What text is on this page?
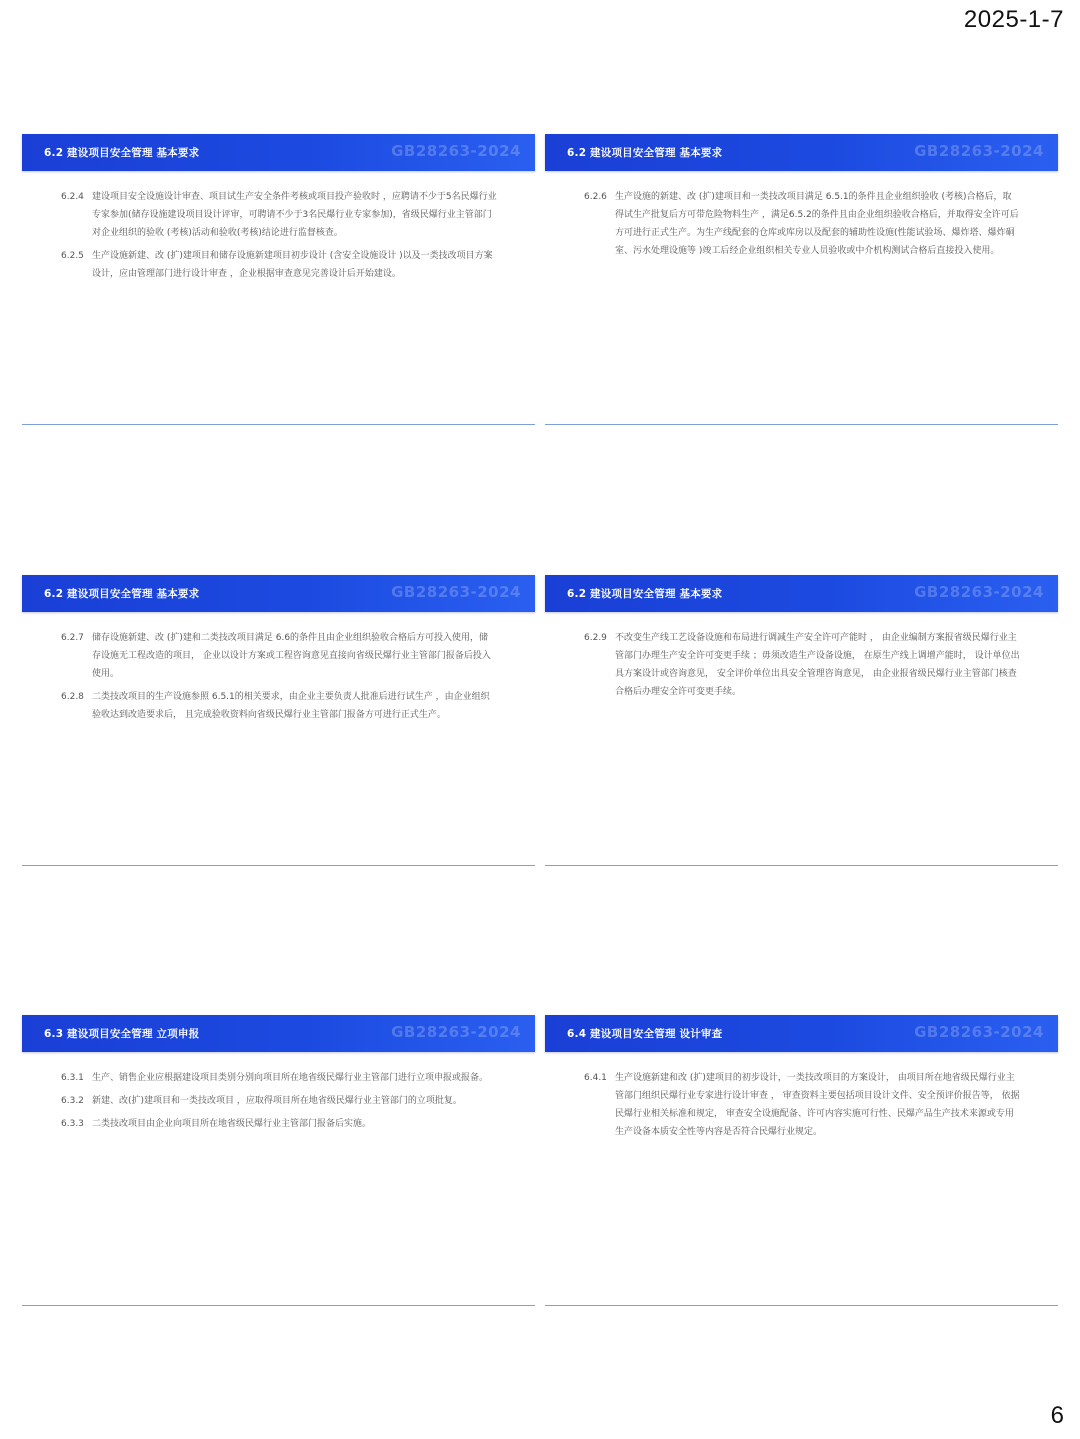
2025-1-7
6.2 建设项目安全管理 基本要求	GB28263-2024
6.2.4 建设项目安全设施设计审查、项目试生产安全条件考核或项目投产验收时 ，应聘请不少于5名民爆行业专家参加(储存设施建设项目设计评审，可聘请不少于3名民爆行业专家参加)，省级民爆行业主管部门对企业组织的验收 (考核)活动和验收(考核)结论进行监督核查。
6.2.5 生产设施新建、改 (扩)建项目和储存设施新建项目初步设计 (含安全设施设计 )以及一类技改项目方案设计，应由管理部门进行设计审查 ，企业根据审查意见完善设计后开始建设。
6.2 建设项目安全管理 基本要求	GB28263-2024
6.2.6 生产设施的新建、改 (扩)建项目和一类技改项目满足 6.5.1的条件且企业组织验收 (考核)合格后，取得试生产批复后方可带危险物料生产 ，满足6.5.2的条件且由企业组织验收合格后，并取得安全许可后方可进行正式生产。为生产线配套的仓库或库房以及配套的辅助性设施(性能试验场、爆炸塔、爆炸硐室、污水处理设施等 )竣工后经企业组织相关专业人员验收或中介机构测试合格后直接投入使用。
6.2 建设项目安全管理 基本要求	GB28263-2024
6.2.7 储存设施新建、改 (扩)建和二类技改项目满足 6.6的条件且由企业组织验收合格后方可投入使用，储存设施无工程改造的项目， 企业以设计方案或工程咨询意见直接向省级民爆行业主管部门报备后投入使用。
6.2.8 二类技改项目的生产设施参照 6.5.1的相关要求，由企业主要负责人批准后进行试生产 ，由企业组织验收达到改造要求后， 且完成验收资料向省级民爆行业主管部门报备方可进行正式生产。
6.2 建设项目安全管理 基本要求	GB28263-2024
6.2.9 不改变生产线工艺设备设施和布局进行调减生产安全许可产能时 ， 由企业编制方案报省级民爆行业主管部门办理生产安全许可变更手续 ；毋须改造生产设备设施， 在原生产线上调增产能时， 设计单位出具方案设计或咨询意见， 安全评价单位出具安全管理咨询意见， 由企业报省级民爆行业主管部门核查合格后办理安全许可变更手续。
6.3 建设项目安全管理 立项申报	GB28263-2024
6.3.1 生产、销售企业应根据建设项目类别分别向项目所在地省级民爆行业主管部门进行立项申报或报备。
6.3.2 新建、改(扩)建项目和一类技改项目 ，应取得项目所在地省级民爆行业主管部门的立项批复。
6.3.3 二类技改项目由企业向项目所在地省级民爆行业主管部门报备后实施。
6.4 建设项目安全管理 设计审查	GB28263-2024
6.4.1 生产设施新建和改 (扩)建项目的初步设计，一类技改项目的方案设计， 由项目所在地省级民爆行业主管部门组织民爆行业专家进行设计审查 ， 审查资料主要包括项目设计文件、安全预评价报告等， 依据民爆行业相关标准和规定， 审查安全设施配备、许可内容实施可行性、民爆产品生产技术来源或专用生产设备本质安全性等内容是否符合民爆行业规定。
6
